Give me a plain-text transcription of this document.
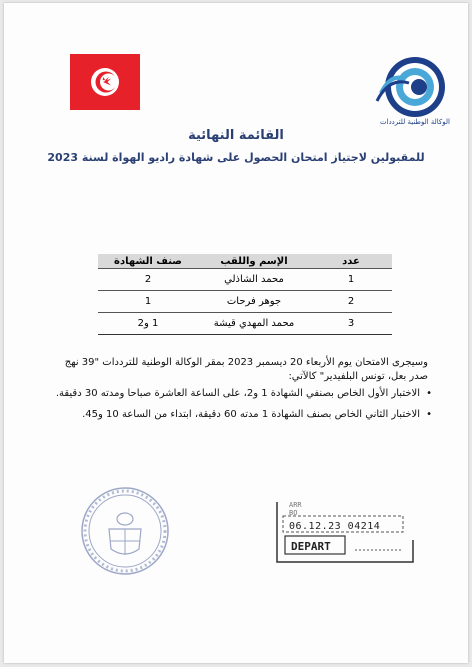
الوكالة الوطنية للترددات
القائمة النهائية
للمقبولين لاجتياز امتحان الحصول على شهادة راديو الهواة لسنة 2023
عدد	الإسم واللقب	صنف الشهادة
1	محمد الشاذلي	2
2	جوهر فرحات	1
3	محمد المهدي قيشة	1 و2
وسيجرى الامتحان يوم الأربعاء 20 ديسمبر 2023 بمقر الوكالة الوطنية للترددات "39 نهج صدر بعل، تونس البلفيدير" كالآتي:
•
الاختبار الأول الخاص بصنفي الشهادة 1 و2، على الساعة العاشرة صباحا ومدته 30 دقيقة.
•
الاختبار الثاني الخاص بصنف الشهادة 1 مدته 60 دقيقة، ابتداء من الساعة 10 و45.
ARR
BO
06.12.23 04214
DEPART
